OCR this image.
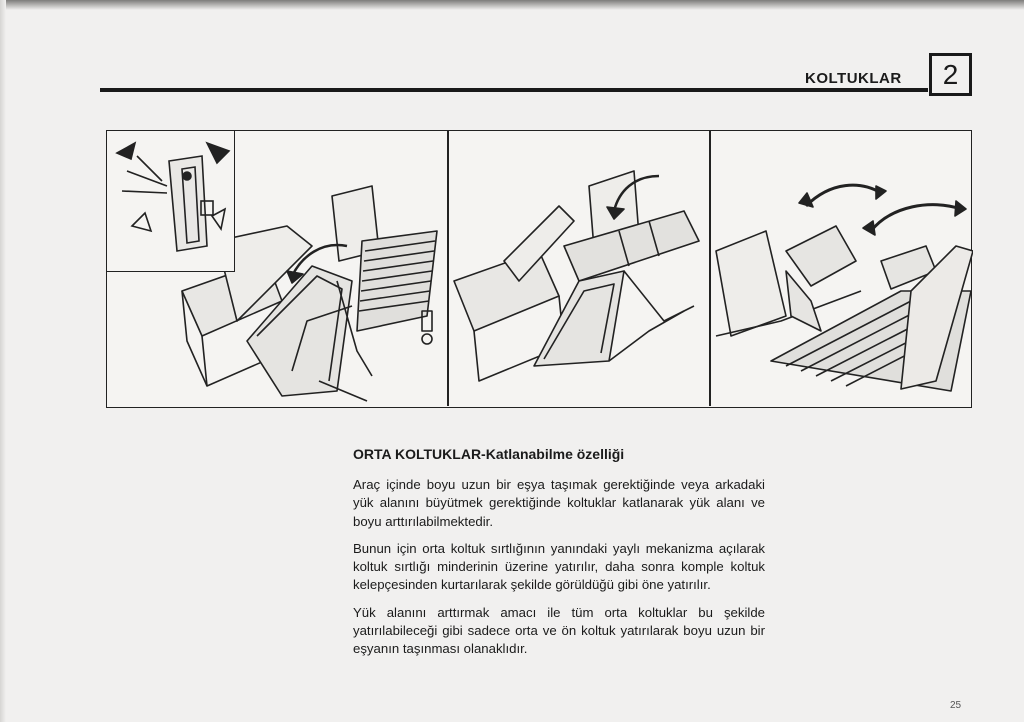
KOLTUKLAR	2

ORTA KOLTUKLAR-Katlanabilme özelliği

Araç içinde boyu uzun bir eşya taşımak gerektiğinde veya arkadaki yük alanını büyütmek gerektiğinde koltuklar katlanarak yük alanı ve boyu arttırılabilmektedir.

Bunun için orta koltuk sırtlığının yanındaki yaylı mekanizma açılarak koltuk sırtlığı minderinin üzerine yatırılır, daha sonra komple koltuk kelepçesinden kurtarılarak şekilde görüldüğü gibi öne yatırılır.

Yük alanını arttırmak amacı ile tüm orta koltuklar bu şekilde yatırılabileceği gibi sadece orta ve ön koltuk yatırılarak boyu uzun bir eşyanın taşınması olanaklıdır.

25
